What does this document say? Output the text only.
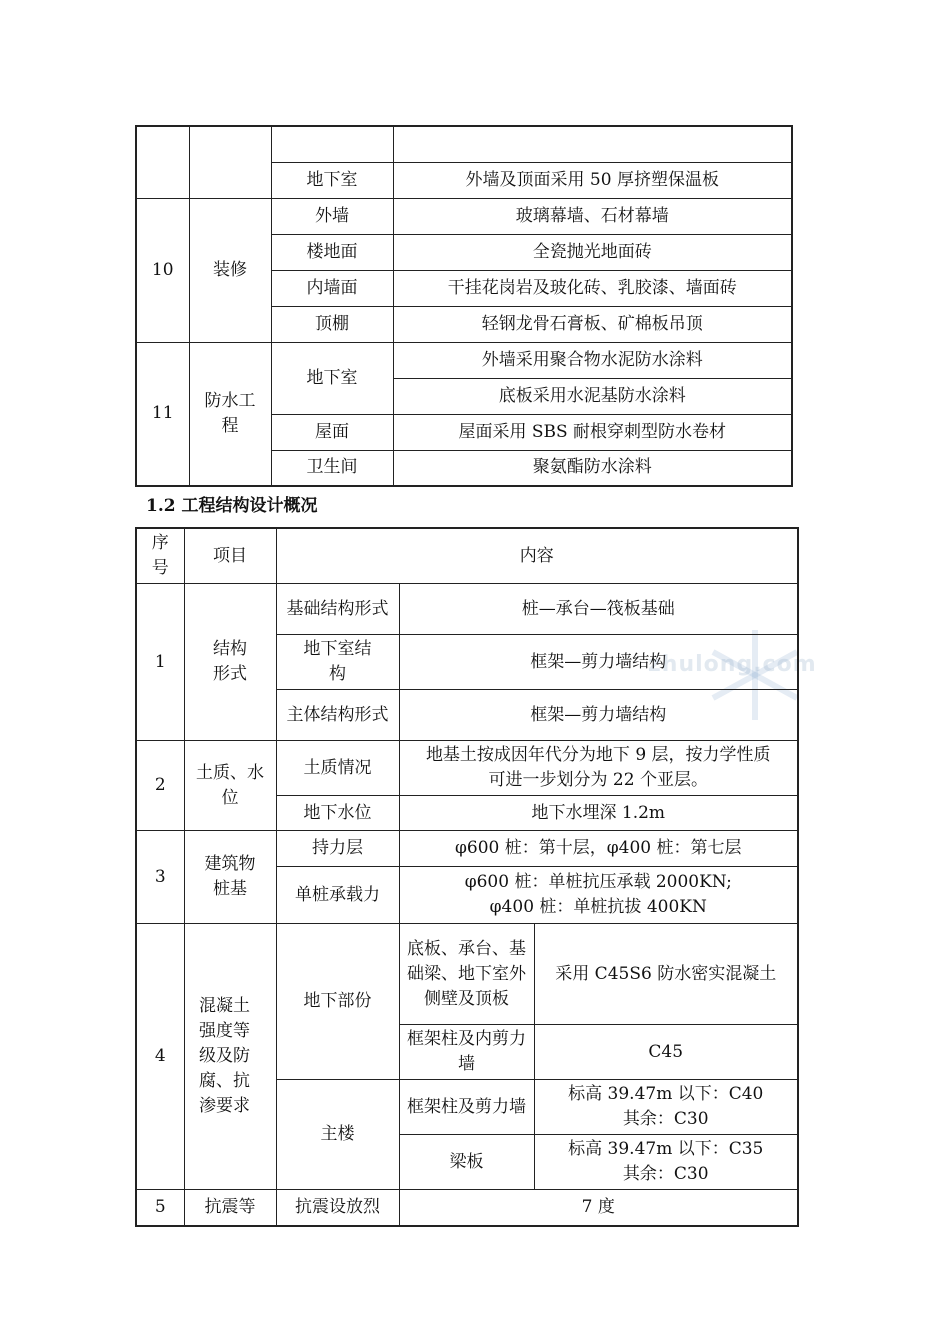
		地下室	外墙及顶面采用 50 厚挤塑保温板
10	装修	外墙	玻璃幕墙、石材幕墙
		楼地面	全瓷抛光地面砖
		内墙面	干挂花岗岩及玻化砖、乳胶漆、墙面砖
		顶棚	轻钢龙骨石膏板、矿棉板吊顶
11	防水工程	地下室	外墙采用聚合物水泥防水涂料
			底板采用水泥基防水涂料
		屋面	屋面采用 SBS 耐根穿刺型防水卷材
		卫生间	聚氨酯防水涂料
1.2 工程结构设计概况
zhulong.com
序号	项目	内容		
1	结构形式	基础结构形式	桩—承台—筏板基础	
		地下室结构	框架—剪力墙结构	
		主体结构形式	框架—剪力墙结构	
2	土质、水位	土质情况	地基土按成因年代分为地下 9 层，按力学性质
可进一步划分为 22 个亚层。	

		地下水位	地下水埋深 1.2m	
3	建筑物桩基	持力层	φ600 桩：第十层，φ400 桩：第七层	
		单桩承载力	φ600 桩：单桩抗压承载 2000KN;
φ400 桩：单桩抗拔 400KN	

4	混凝土强度等级及防腐、抗渗要求	地下部份	底板、承台、基础梁、地下室外侧壁及顶板	采用 C45S6 防水密实混凝土
			框架柱及内剪力墙	C45
		主楼	框架柱及剪力墙	标高 39.47m 以下：C40
其余：C30

			梁板	标高 39.47m 以下：C35
其余：C30

5	抗震等	抗震设放烈	7 度	
